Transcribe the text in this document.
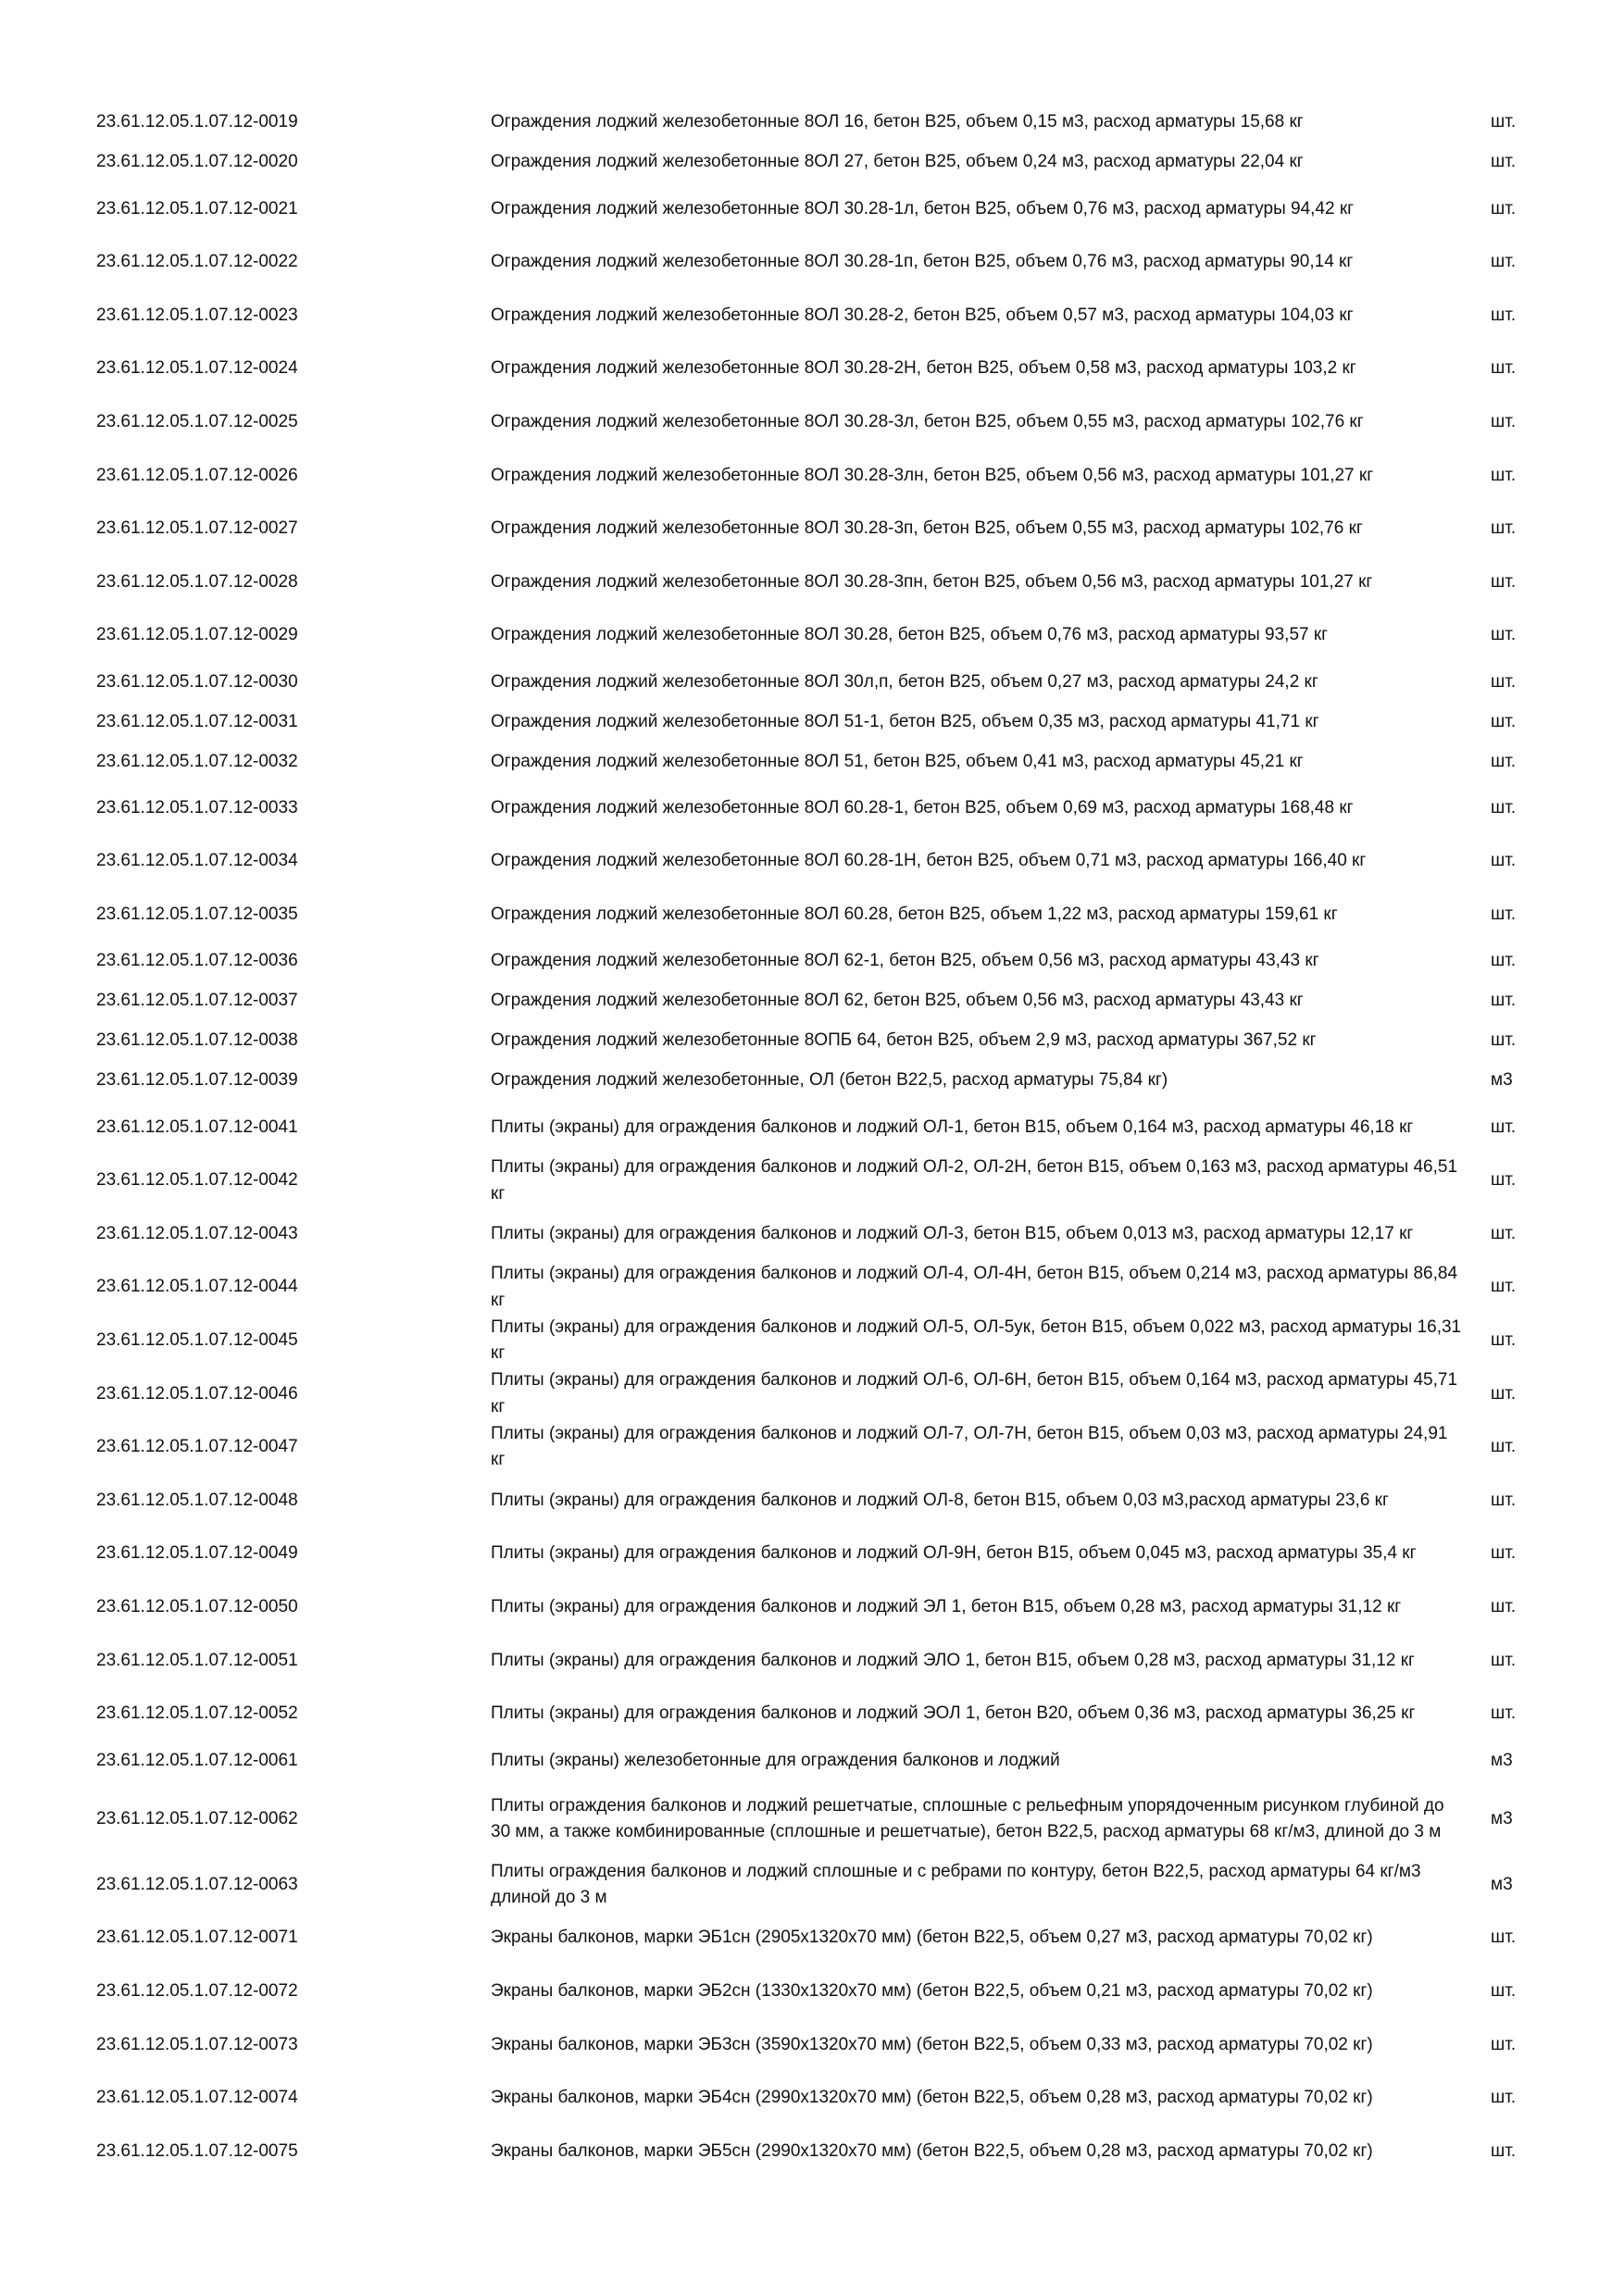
23.61.12.05.1.07.12-0019	Ограждения лоджий железобетонные 8ОЛ 16, бетон В25, объем 0,15 м3, расход арматуры 15,68 кг	шт.
23.61.12.05.1.07.12-0020	Ограждения лоджий железобетонные 8ОЛ 27, бетон В25, объем 0,24 м3, расход арматуры 22,04 кг	шт.
23.61.12.05.1.07.12-0021	Ограждения лоджий железобетонные 8ОЛ 30.28-1л, бетон В25, объем 0,76 м3, расход арматуры 94,42 кг	шт.
23.61.12.05.1.07.12-0022	Ограждения лоджий железобетонные 8ОЛ 30.28-1п, бетон В25, объем 0,76 м3, расход арматуры 90,14 кг	шт.
23.61.12.05.1.07.12-0023	Ограждения лоджий железобетонные 8ОЛ 30.28-2, бетон В25, объем 0,57 м3, расход арматуры 104,03 кг	шт.
23.61.12.05.1.07.12-0024	Ограждения лоджий железобетонные 8ОЛ 30.28-2Н, бетон В25, объем 0,58 м3, расход арматуры 103,2 кг	шт.
23.61.12.05.1.07.12-0025	Ограждения лоджий железобетонные 8ОЛ 30.28-3л, бетон В25, объем 0,55 м3, расход арматуры 102,76 кг	шт.
23.61.12.05.1.07.12-0026	Ограждения лоджий железобетонные 8ОЛ 30.28-3лн, бетон В25, объем 0,56 м3, расход арматуры 101,27 кг	шт.
23.61.12.05.1.07.12-0027	Ограждения лоджий железобетонные 8ОЛ 30.28-3п, бетон В25, объем 0,55 м3, расход арматуры 102,76 кг	шт.
23.61.12.05.1.07.12-0028	Ограждения лоджий железобетонные 8ОЛ 30.28-3пн, бетон В25, объем 0,56 м3, расход арматуры 101,27 кг	шт.
23.61.12.05.1.07.12-0029	Ограждения лоджий железобетонные 8ОЛ 30.28, бетон В25, объем 0,76 м3, расход арматуры 93,57 кг	шт.
23.61.12.05.1.07.12-0030	Ограждения лоджий железобетонные 8ОЛ 30л,п, бетон В25, объем 0,27 м3, расход арматуры 24,2 кг	шт.
23.61.12.05.1.07.12-0031	Ограждения лоджий железобетонные 8ОЛ 51-1, бетон В25, объем 0,35 м3, расход арматуры 41,71 кг	шт.
23.61.12.05.1.07.12-0032	Ограждения лоджий железобетонные 8ОЛ 51, бетон В25, объем 0,41 м3, расход арматуры 45,21 кг	шт.
23.61.12.05.1.07.12-0033	Ограждения лоджий железобетонные 8ОЛ 60.28-1, бетон В25, объем 0,69 м3, расход арматуры 168,48 кг	шт.
23.61.12.05.1.07.12-0034	Ограждения лоджий железобетонные 8ОЛ 60.28-1Н, бетон В25, объем 0,71 м3, расход арматуры 166,40 кг	шт.
23.61.12.05.1.07.12-0035	Ограждения лоджий железобетонные 8ОЛ 60.28, бетон В25, объем 1,22 м3, расход арматуры 159,61 кг	шт.
23.61.12.05.1.07.12-0036	Ограждения лоджий железобетонные 8ОЛ 62-1, бетон В25, объем 0,56 м3, расход арматуры 43,43 кг	шт.
23.61.12.05.1.07.12-0037	Ограждения лоджий железобетонные 8ОЛ 62, бетон В25, объем 0,56 м3, расход арматуры 43,43 кг	шт.
23.61.12.05.1.07.12-0038	Ограждения лоджий железобетонные 8ОПБ 64, бетон В25, объем 2,9 м3, расход арматуры 367,52 кг	шт.
23.61.12.05.1.07.12-0039	Ограждения лоджий железобетонные, ОЛ (бетон В22,5, расход арматуры 75,84 кг)	м3
23.61.12.05.1.07.12-0041	Плиты (экраны) для ограждения балконов и лоджий ОЛ-1, бетон В15, объем 0,164 м3, расход арматуры 46,18 кг	шт.
23.61.12.05.1.07.12-0042	Плиты (экраны) для ограждения балконов и лоджий ОЛ-2, ОЛ-2Н, бетон В15, объем 0,163 м3, расход арматуры 46,51 кг	шт.
23.61.12.05.1.07.12-0043	Плиты (экраны) для ограждения балконов и лоджий ОЛ-3, бетон В15, объем 0,013 м3, расход арматуры 12,17 кг	шт.
23.61.12.05.1.07.12-0044	Плиты (экраны) для ограждения балконов и лоджий ОЛ-4, ОЛ-4Н, бетон В15, объем 0,214 м3, расход арматуры 86,84 кг	шт.
23.61.12.05.1.07.12-0045	Плиты (экраны) для ограждения балконов и лоджий ОЛ-5, ОЛ-5ук, бетон В15, объем 0,022 м3, расход арматуры 16,31 кг	шт.
23.61.12.05.1.07.12-0046	Плиты (экраны) для ограждения балконов и лоджий ОЛ-6, ОЛ-6Н, бетон В15, объем 0,164 м3, расход арматуры 45,71 кг	шт.
23.61.12.05.1.07.12-0047	Плиты (экраны) для ограждения балконов и лоджий ОЛ-7, ОЛ-7Н, бетон В15, объем 0,03 м3, расход арматуры 24,91 кг	шт.
23.61.12.05.1.07.12-0048	Плиты (экраны) для ограждения балконов и лоджий ОЛ-8, бетон В15, объем 0,03 м3,расход арматуры 23,6 кг	шт.
23.61.12.05.1.07.12-0049	Плиты (экраны) для ограждения балконов и лоджий ОЛ-9Н, бетон В15, объем 0,045 м3, расход арматуры 35,4 кг	шт.
23.61.12.05.1.07.12-0050	Плиты (экраны) для ограждения балконов и лоджий ЭЛ 1, бетон В15, объем 0,28 м3, расход арматуры 31,12 кг	шт.
23.61.12.05.1.07.12-0051	Плиты (экраны) для ограждения балконов и лоджий ЭЛО 1, бетон В15, объем 0,28 м3, расход арматуры 31,12 кг	шт.
23.61.12.05.1.07.12-0052	Плиты (экраны) для ограждения балконов и лоджий ЭОЛ 1, бетон В20, объем 0,36 м3, расход арматуры 36,25 кг	шт.
23.61.12.05.1.07.12-0061	Плиты (экраны) железобетонные для ограждения балконов и лоджий	м3
23.61.12.05.1.07.12-0062	Плиты ограждения балконов и лоджий решетчатые, сплошные с рельефным упорядоченным рисунком глубиной до 30 мм, а также комбинированные (сплошные и решетчатые), бетон В22,5, расход арматуры 68 кг/м3, длиной до 3 м	м3
23.61.12.05.1.07.12-0063	Плиты ограждения балконов и лоджий сплошные и с ребрами по контуру, бетон В22,5, расход арматуры 64 кг/м3 длиной до 3 м	м3
23.61.12.05.1.07.12-0071	Экраны балконов, марки ЭБ1сн (2905х1320х70 мм) (бетон В22,5, объем 0,27 м3, расход арматуры 70,02 кг)	шт.
23.61.12.05.1.07.12-0072	Экраны балконов, марки ЭБ2сн (1330х1320х70 мм) (бетон В22,5, объем 0,21 м3, расход арматуры 70,02 кг)	шт.
23.61.12.05.1.07.12-0073	Экраны балконов, марки ЭБ3сн (3590х1320х70 мм) (бетон В22,5, объем 0,33 м3, расход арматуры 70,02 кг)	шт.
23.61.12.05.1.07.12-0074	Экраны балконов, марки ЭБ4сн (2990х1320х70 мм) (бетон В22,5, объем 0,28 м3, расход арматуры 70,02 кг)	шт.
23.61.12.05.1.07.12-0075	Экраны балконов, марки ЭБ5сн (2990х1320х70 мм) (бетон В22,5, объем 0,28 м3, расход арматуры 70,02 кг)	шт.
